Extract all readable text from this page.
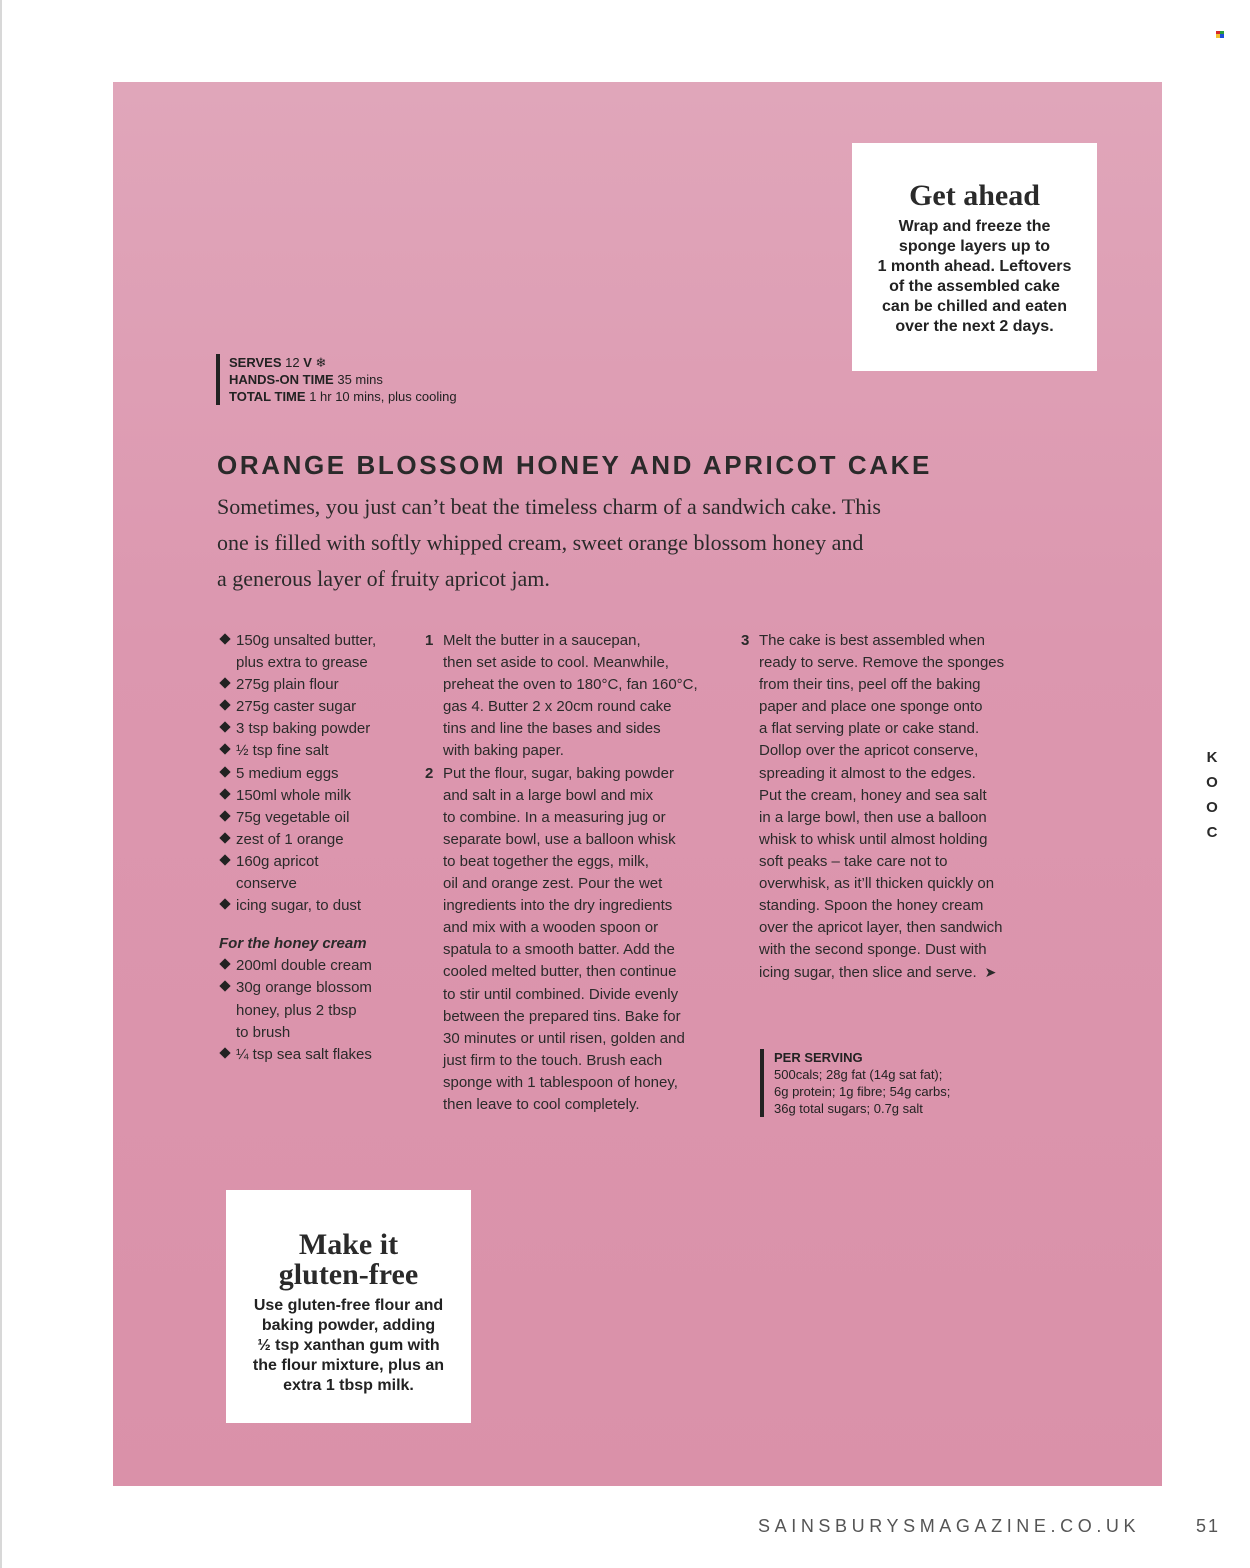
Get ahead

Wrap and freeze the
sponge layers up to
1 month ahead. Leftovers
of the assembled cake
can be chilled and eaten
over the next 2 days.

SERVES 12 V ❄
HANDS-ON TIME 35 mins
TOTAL TIME 1 hr 10 mins, plus cooling
ORANGE BLOSSOM HONEY AND APRICOT CAKE

Sometimes, you just can’t beat the timeless charm of a sandwich cake. This
one is filled with softly whipped cream, sweet orange blossom honey and
a generous layer of fruity apricot jam.

150g unsalted butter,
plus extra to grease
275g plain flour
275g caster sugar
3 tsp baking powder
½ tsp fine salt
5 medium eggs
150ml whole milk
75g vegetable oil
zest of 1 orange
160g apricot
conserve
icing sugar, to dust

For the honey cream

200ml double cream
30g orange blossom
honey, plus 2 tbsp
to brush
¼ tsp sea salt flakes
1 Melt the butter in a saucepan,
then set aside to cool. Meanwhile,
preheat the oven to 180°C, fan 160°C,
gas 4. Butter 2 x 20cm round cake
tins and line the bases and sides
with baking paper.
2 Put the flour, sugar, baking powder
and salt in a large bowl and mix
to combine. In a measuring jug or
separate bowl, use a balloon whisk
to beat together the eggs, milk,
oil and orange zest. Pour the wet
ingredients into the dry ingredients
and mix with a wooden spoon or
spatula to a smooth batter. Add the
cooled melted butter, then continue
to stir until combined. Divide evenly
between the prepared tins. Bake for
30 minutes or until risen, golden and
just firm to the touch. Brush each
sponge with 1 tablespoon of honey,
then leave to cool completely.
3 The cake is best assembled when
ready to serve. Remove the sponges
from their tins, peel off the baking
paper and place one sponge onto
a flat serving plate or cake stand.
Dollop over the apricot conserve,
spreading it almost to the edges.
Put the cream, honey and sea salt
in a large bowl, then use a balloon
whisk to whisk until almost holding
soft peaks – take care not to
overwhisk, as it’ll thicken quickly on
standing. Spoon the honey cream
over the apricot layer, then sandwich
with the second sponge. Dust with
icing sugar, then slice and serve. ➤
PER SERVING
500cals; 28g fat (14g sat fat);
6g protein; 1g fibre; 54g carbs;
36g total sugars; 0.7g salt
Make it
gluten-free

Use gluten-free flour and
baking powder, adding
½ tsp xanthan gum with
the flour mixture, plus an
extra 1 tbsp milk.

K
O
O
C
SAINSBURYSMAGAZINE.CO.UK	51
